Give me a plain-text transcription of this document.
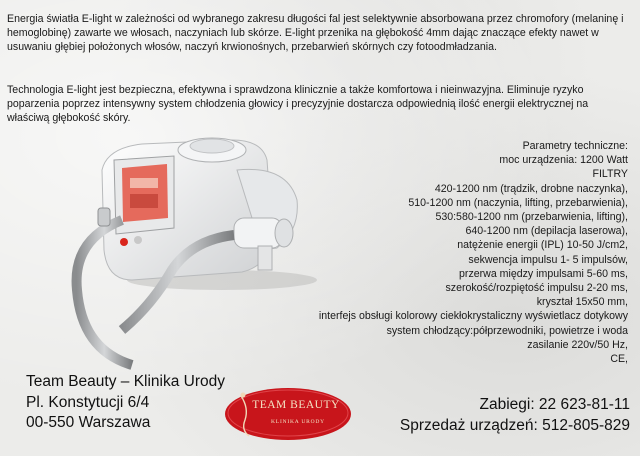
Energia światła E-light w zależności od wybranego zakresu długości fal jest selektywnie absorbowana przez chromofory (melaninę i hemoglobinę) zawarte we włosach, naczyniach lub skórze. E-light przenika na głębokość 4mm dając znaczące efekty nawet w usuwaniu głębiej położonych włosów, naczyń krwionośnych, przebarwień skórnych czy fotoodmładzania.
Technologia E-light jest bezpieczna, efektywna i sprawdzona klinicznie a także komfortowa i nieinwazyjna. Eliminuje ryzyko poparzenia poprzez intensywny system chłodzenia głowicy i precyzyjnie dostarcza odpowiednią ilość energii elektrycznej na właściwą głębokość skóry.
Parametry techniczne:
moc urządzenia: 1200 Watt
FILTRY
420-1200 nm (trądzik, drobne naczynka),
510-1200 nm (naczynia, lifting, przebarwienia),
530:580-1200 nm (przebarwienia, lifting),
640-1200 nm (depilacja laserowa),
natężenie energii (IPL) 10-50 J/cm2,
sekwencja impulsu 1- 5 impulsów,
przerwa między impulsami 5-60 ms,
szerokość/rozpiętość impulsu 2-20 ms,
kryształ 15x50 mm,
interfejs obsługi kolorowy ciekłokrystaliczny wyświetlacz dotykowy
system chłodzący:półprzewodniki, powietrze i woda
zasilanie 220v/50 Hz,
CE,
Team Beauty – Klinika Urody
Pl. Konstytucji 6/4
00-550 Warszawa
TEAM BEAUTY
KLINIKA URODY
Zabiegi: 22 623-81-11
Sprzedaż urządzeń: 512-805-829
